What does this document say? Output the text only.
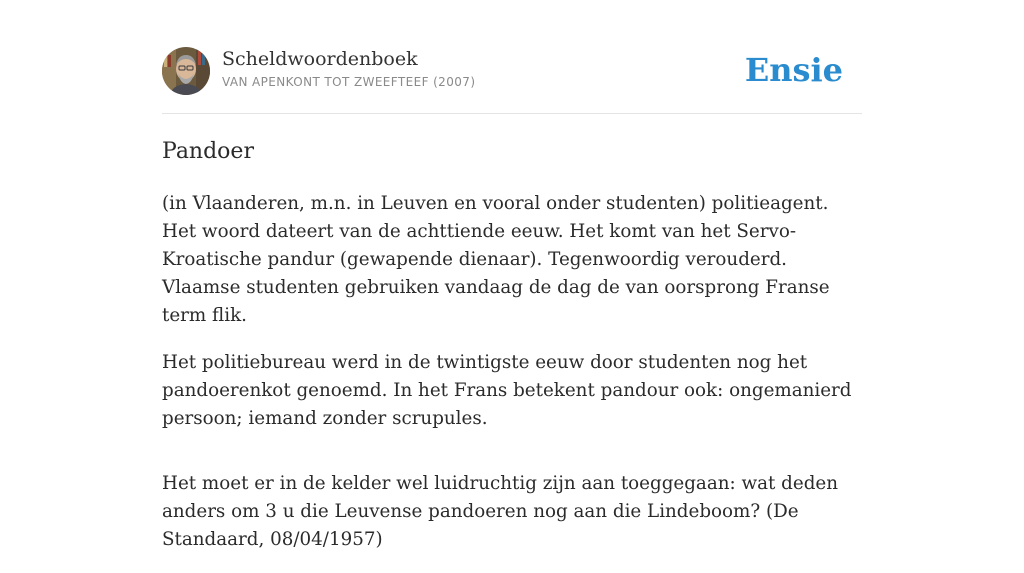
Scheldwoordenboek
VAN APENKONT TOT ZWEEFTEEF (2007)	Ensie
Pandoer

(in Vlaanderen, m.n. in Leuven en vooral onder studenten) politieagent. Het woord dateert van de achttiende eeuw. Het komt van het Servo-Kroatische pandur (gewapende dienaar). Tegenwoordig verouderd. Vlaamse studenten gebruiken vandaag de dag de van oorsprong Franse term flik.

Het politiebureau werd in de twintigste eeuw door studenten nog het pandoerenkot genoemd. In het Frans betekent pandour ook: ongemanierd persoon; iemand zonder scrupules.

Het moet er in de kelder wel luidruchtig zijn aan toeggegaan: wat deden anders om 3 u die Leuvense pandoeren nog aan die Lindeboom? (De Standaard, 08/04/1957)
